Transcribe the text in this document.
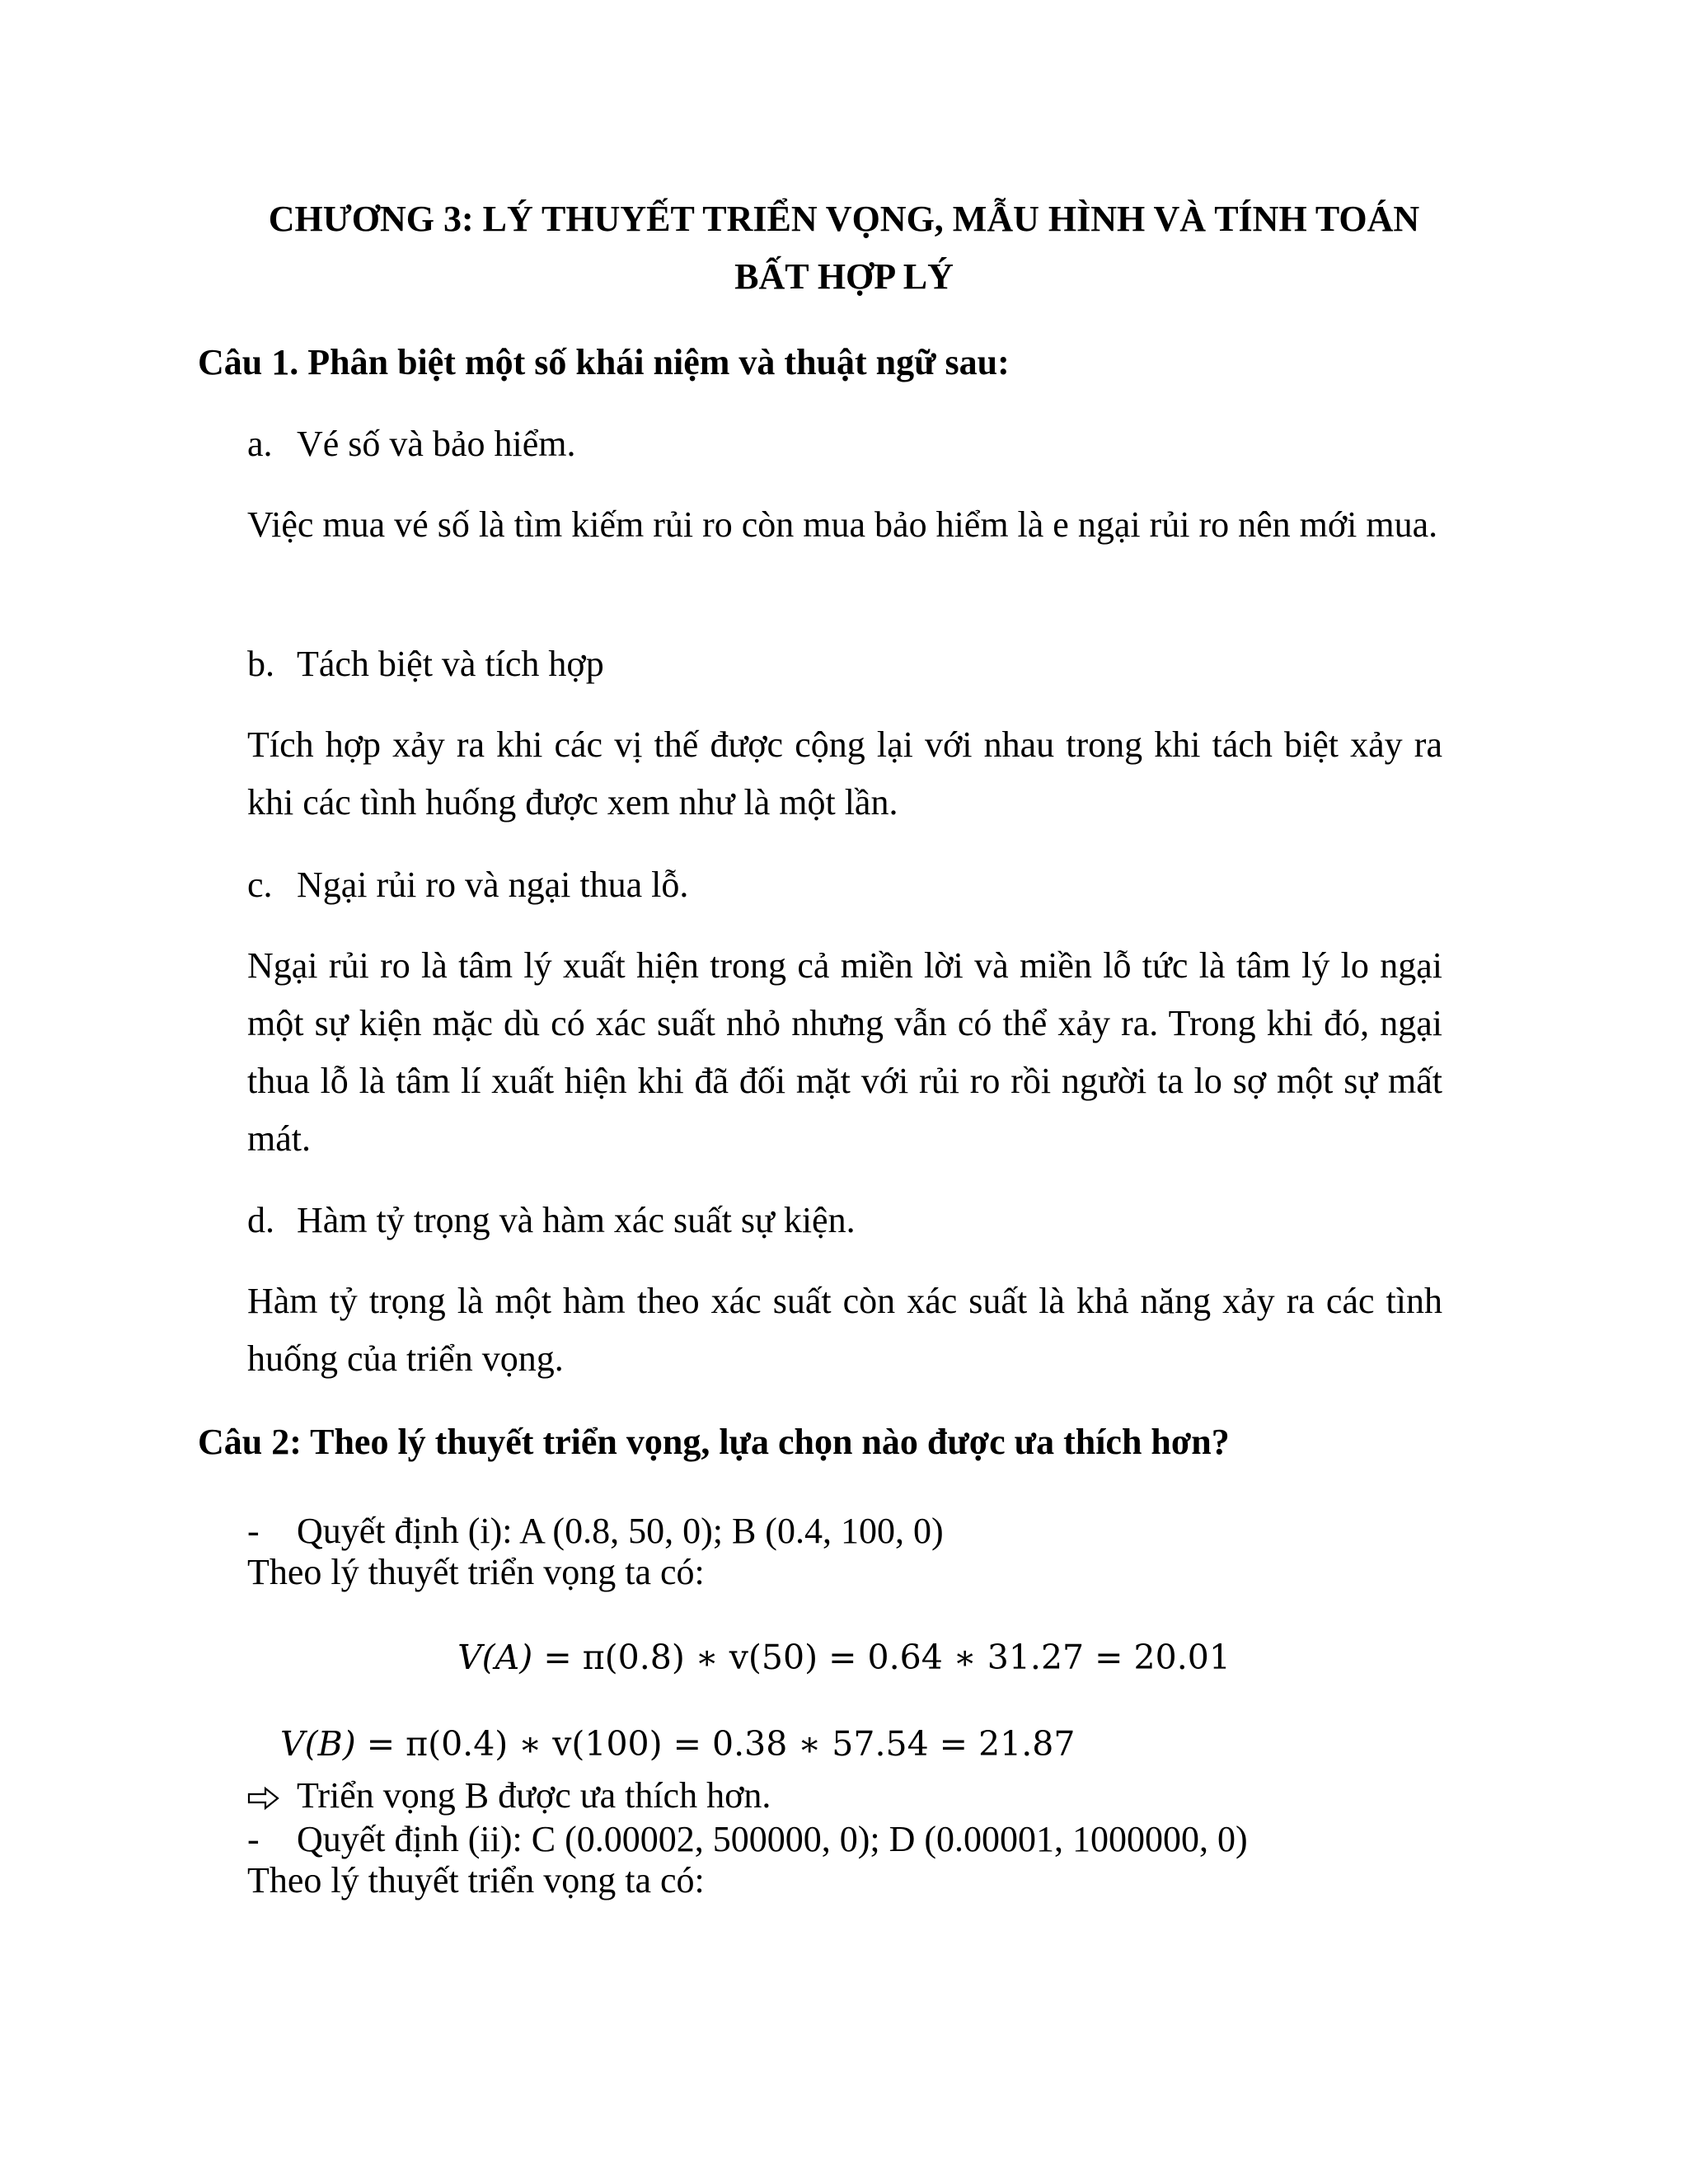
CHƯƠNG 3: LÝ THUYẾT TRIỂN VỌNG, MẪU HÌNH VÀ TÍNH TOÁN
BẤT HỢP LÝ
Câu 1. Phân biệt một số khái niệm và thuật ngữ sau:
a. Vé số và bảo hiểm.
Việc mua vé số là tìm kiếm rủi ro còn mua bảo hiểm là e ngại rủi ro nên mới mua.
b. Tách biệt và tích hợp
Tích hợp xảy ra khi các vị thế được cộng lại với nhau trong khi tách biệt xảy ra khi các tình huống được xem như là một lần.
c. Ngại rủi ro và ngại thua lỗ.
Ngại rủi ro là tâm lý xuất hiện trong cả miền lời và miền lỗ tức là tâm lý lo ngại một sự kiện mặc dù có xác suất nhỏ nhưng vẫn có thể xảy ra. Trong khi đó, ngại thua lỗ là tâm lí xuất hiện khi đã đối mặt với rủi ro rồi người ta lo sợ một sự mất mát.
d. Hàm tỷ trọng và hàm xác suất sự kiện.
Hàm tỷ trọng là một hàm theo xác suất còn xác suất là khả năng xảy ra các tình huống của triển vọng.
Câu 2: Theo lý thuyết triển vọng, lựa chọn nào được ưa thích hơn?
- Quyết định (i): A (0.8, 50, 0); B (0.4, 100, 0)
Theo lý thuyết triển vọng ta có:
V(A) = π(0.8) ∗ v(50) = 0.64 ∗ 31.27 = 20.01
V(B) = π(0.4) ∗ v(100) = 0.38 ∗ 57.54 = 21.87
Triển vọng B được ưa thích hơn.
- Quyết định (ii): C (0.00002, 500000, 0); D (0.00001, 1000000, 0)
Theo lý thuyết triển vọng ta có:
